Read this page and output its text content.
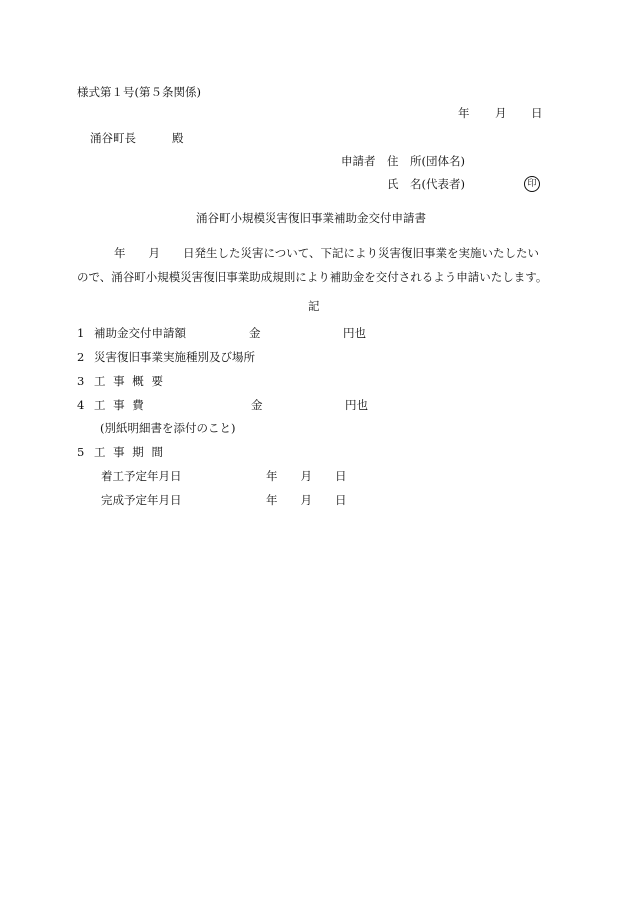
様式第１号(第５条関係)
年 月 日
涌谷町長	殿
申請者 住　所(団体名)
氏　名(代表者)	印
涌谷町小規模災害復旧事業補助金交付申請書
年　　月　　日発生した災害について、下記により災害復旧事業を実施いたしたい
ので、涌谷町小規模災害復旧事業助成規則により補助金を交付されるよう申請いたします。
記
1 補助金交付申請額	金	円也
2 災害復旧事業実施種別及び場所
3 工 事 概 要
4 工 事 費	金	円也
(別紙明細書を添付のこと)
5 工 事 期 間
着工予定年月日	年　　月　　日
完成予定年月日	年　　月　　日
